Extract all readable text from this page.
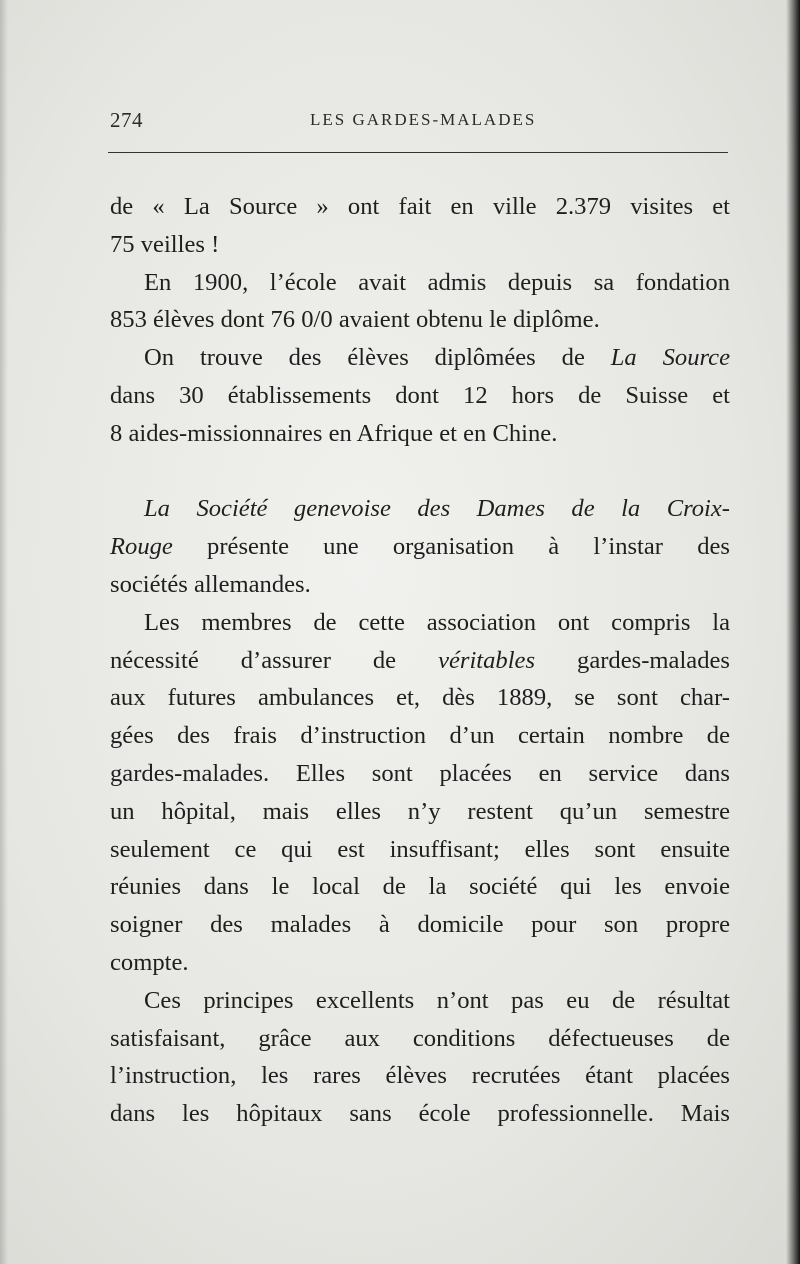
274	LES GARDES-MALADES
de « La Source » ont fait en ville 2.379 visites et
75 veilles !
En 1900, l’école avait admis depuis sa fondation
853 élèves dont 76 0/0 avaient obtenu le diplôme.
On trouve des élèves diplômées de La Source
dans 30 établissements dont 12 hors de Suisse et
8 aides-missionnaires en Afrique et en Chine.
La Société genevoise des Dames de la Croix-
Rouge présente une organisation à l’instar des
sociétés allemandes.
Les membres de cette association ont compris la
nécessité d’assurer de véritables gardes-malades
aux futures ambulances et, dès 1889, se sont char-
gées des frais d’instruction d’un certain nombre de
gardes-malades. Elles sont placées en service dans
un hôpital, mais elles n’y restent qu’un semestre
seulement ce qui est insuffisant; elles sont ensuite
réunies dans le local de la société qui les envoie
soigner des malades à domicile pour son propre
compte.
Ces principes excellents n’ont pas eu de résultat
satisfaisant, grâce aux conditions défectueuses de
l’instruction, les rares élèves recrutées étant placées
dans les hôpitaux sans école professionnelle. Mais
